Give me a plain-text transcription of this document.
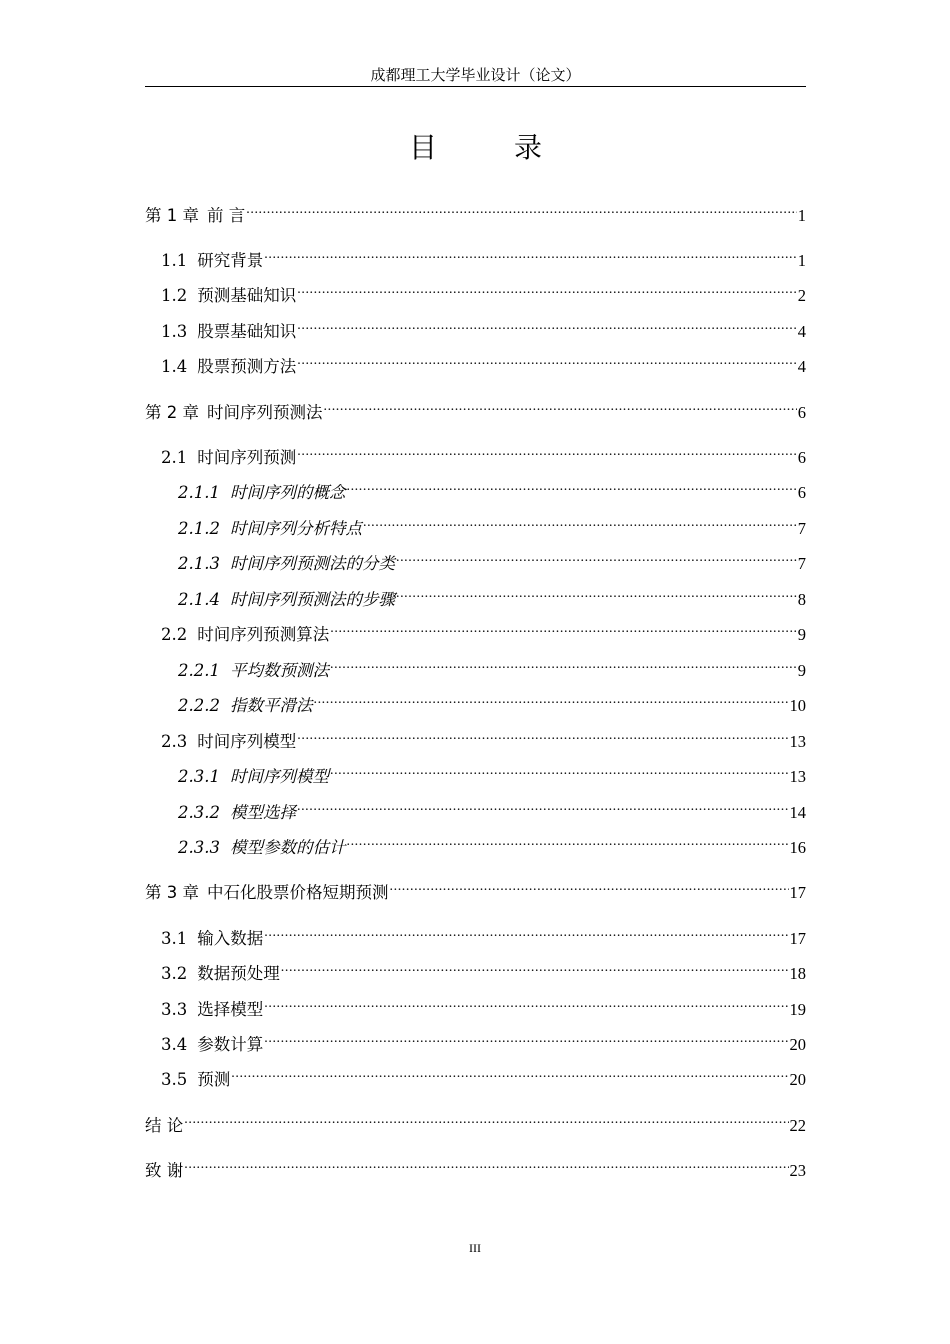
成都理工大学毕业设计（论文）
目 录
第 1 章 前 言 .....	1
1.1 研究背景 .....	1
1.2 预测基础知识 .....	2
1.3 股票基础知识 .....	4
1.4 股票预测方法 .....	4
第 2 章 时间序列预测法 .....	6
2.1 时间序列预测 .....	6
2.1.1 时间序列的概念 .....	6
2.1.2 时间序列分析特点 .....	7
2.1.3 时间序列预测法的分类 .....	7
2.1.4 时间序列预测法的步骤 .....	8
2.2 时间序列预测算法 .....	9
2.2.1 平均数预测法 .....	9
2.2.2 指数平滑法 .....	10
2.3 时间序列模型 .....	13
2.3.1 时间序列模型 .....	13
2.3.2 模型选择 .....	14
2.3.3 模型参数的估计 .....	16
第 3 章 中石化股票价格短期预测 .....	17
3.1 输入数据 .....	17
3.2 数据预处理 .....	18
3.3 选择模型 .....	19
3.4 参数计算 .....	20
3.5 预测 .....	20
结 论 .....	22
致 谢 .....	23
III
